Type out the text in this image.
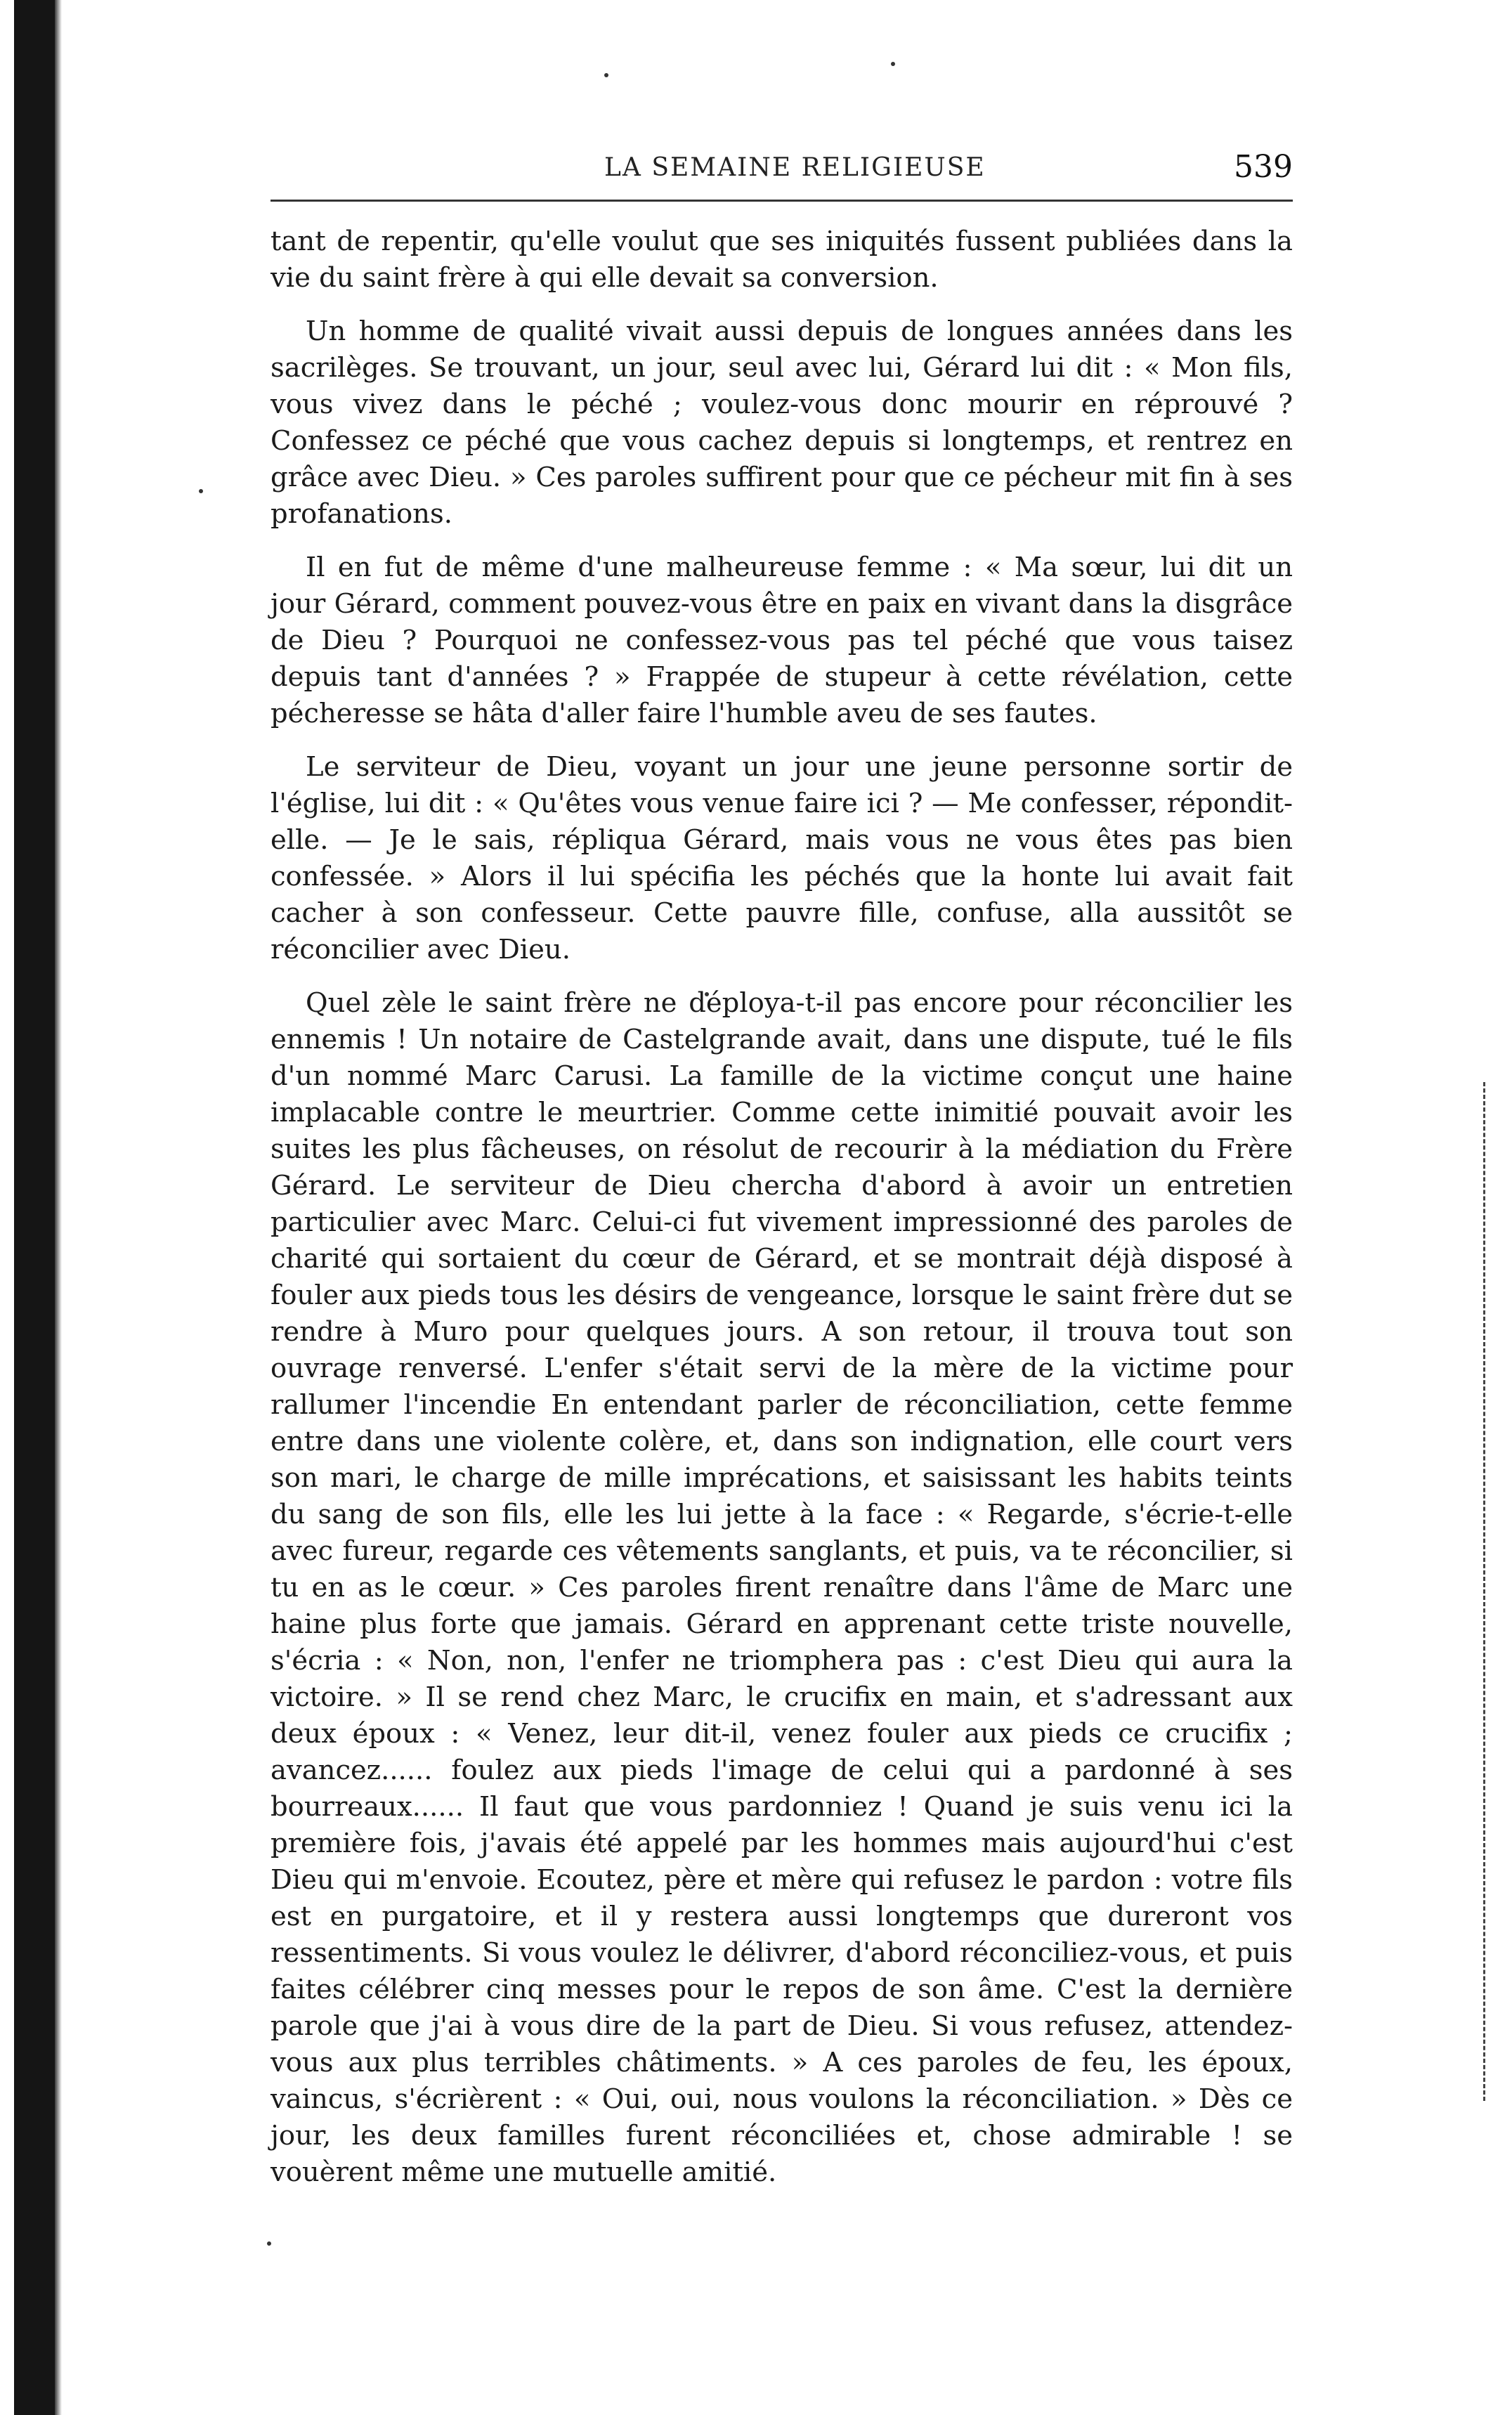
LA SEMAINE RELIGIEUSE	539

tant de repentir, qu'elle voulut que ses iniquités fussent publiées dans la vie du saint frère à qui elle devait sa conversion.

Un homme de qualité vivait aussi depuis de longues années dans les sacrilèges. Se trouvant, un jour, seul avec lui, Gérard lui dit : « Mon fils, vous vivez dans le péché ; voulez-vous donc mourir en réprouvé ? Confessez ce péché que vous cachez depuis si longtemps, et rentrez en grâce avec Dieu. » Ces paroles suffirent pour que ce pécheur mit fin à ses profanations.

Il en fut de même d'une malheureuse femme : « Ma sœur, lui dit un jour Gérard, comment pouvez-vous être en paix en vivant dans la disgrâce de Dieu ? Pourquoi ne confessez-vous pas tel péché que vous taisez depuis tant d'années ? » Frappée de stupeur à cette révélation, cette pécheresse se hâta d'aller faire l'humble aveu de ses fautes.

Le serviteur de Dieu, voyant un jour une jeune personne sortir de l'église, lui dit : « Qu'êtes vous venue faire ici ? — Me confesser, répondit-elle. — Je le sais, répliqua Gérard, mais vous ne vous êtes pas bien confessée. » Alors il lui spécifia les péchés que la honte lui avait fait cacher à son confesseur. Cette pauvre fille, confuse, alla aussitôt se réconcilier avec Dieu.

Quel zèle le saint frère ne déploya-t-il pas encore pour réconcilier les ennemis ! Un notaire de Castelgrande avait, dans une dispute, tué le fils d'un nommé Marc Carusi. La famille de la victime conçut une haine implacable contre le meurtrier. Comme cette inimitié pouvait avoir les suites les plus fâcheuses, on résolut de recourir à la médiation du Frère Gérard. Le serviteur de Dieu chercha d'abord à avoir un entretien particulier avec Marc. Celui-ci fut vivement impressionné des paroles de charité qui sortaient du cœur de Gérard, et se montrait déjà disposé à fouler aux pieds tous les désirs de vengeance, lorsque le saint frère dut se rendre à Muro pour quelques jours. A son retour, il trouva tout son ouvrage renversé. L'enfer s'était servi de la mère de la victime pour rallumer l'incendie En entendant parler de réconciliation, cette femme entre dans une violente colère, et, dans son indignation, elle court vers son mari, le charge de mille imprécations, et saisissant les habits teints du sang de son fils, elle les lui jette à la face : « Regarde, s'écrie-t-elle avec fureur, regarde ces vêtements sanglants, et puis, va te réconcilier, si tu en as le cœur. » Ces paroles firent renaître dans l'âme de Marc une haine plus forte que jamais. Gérard en apprenant cette triste nouvelle, s'écria : « Non, non, l'enfer ne triomphera pas : c'est Dieu qui aura la victoire. » Il se rend chez Marc, le crucifix en main, et s'adressant aux deux époux : « Venez, leur dit-il, venez fouler aux pieds ce crucifix ; avancez...... foulez aux pieds l'image de celui qui a pardonné à ses bourreaux...... Il faut que vous pardonniez ! Quand je suis venu ici la première fois, j'avais été appelé par les hommes mais aujourd'hui c'est Dieu qui m'envoie. Ecoutez, père et mère qui refusez le pardon : votre fils est en purgatoire, et il y restera aussi longtemps que dureront vos ressentiments. Si vous voulez le délivrer, d'abord réconciliez-vous, et puis faites célébrer cinq messes pour le repos de son âme. C'est la dernière parole que j'ai à vous dire de la part de Dieu. Si vous refusez, attendez-vous aux plus terribles châtiments. » A ces paroles de feu, les époux, vaincus, s'écrièrent : « Oui, oui, nous voulons la réconciliation. » Dès ce jour, les deux familles furent réconciliées et, chose admirable ! se vouèrent même une mutuelle amitié.
